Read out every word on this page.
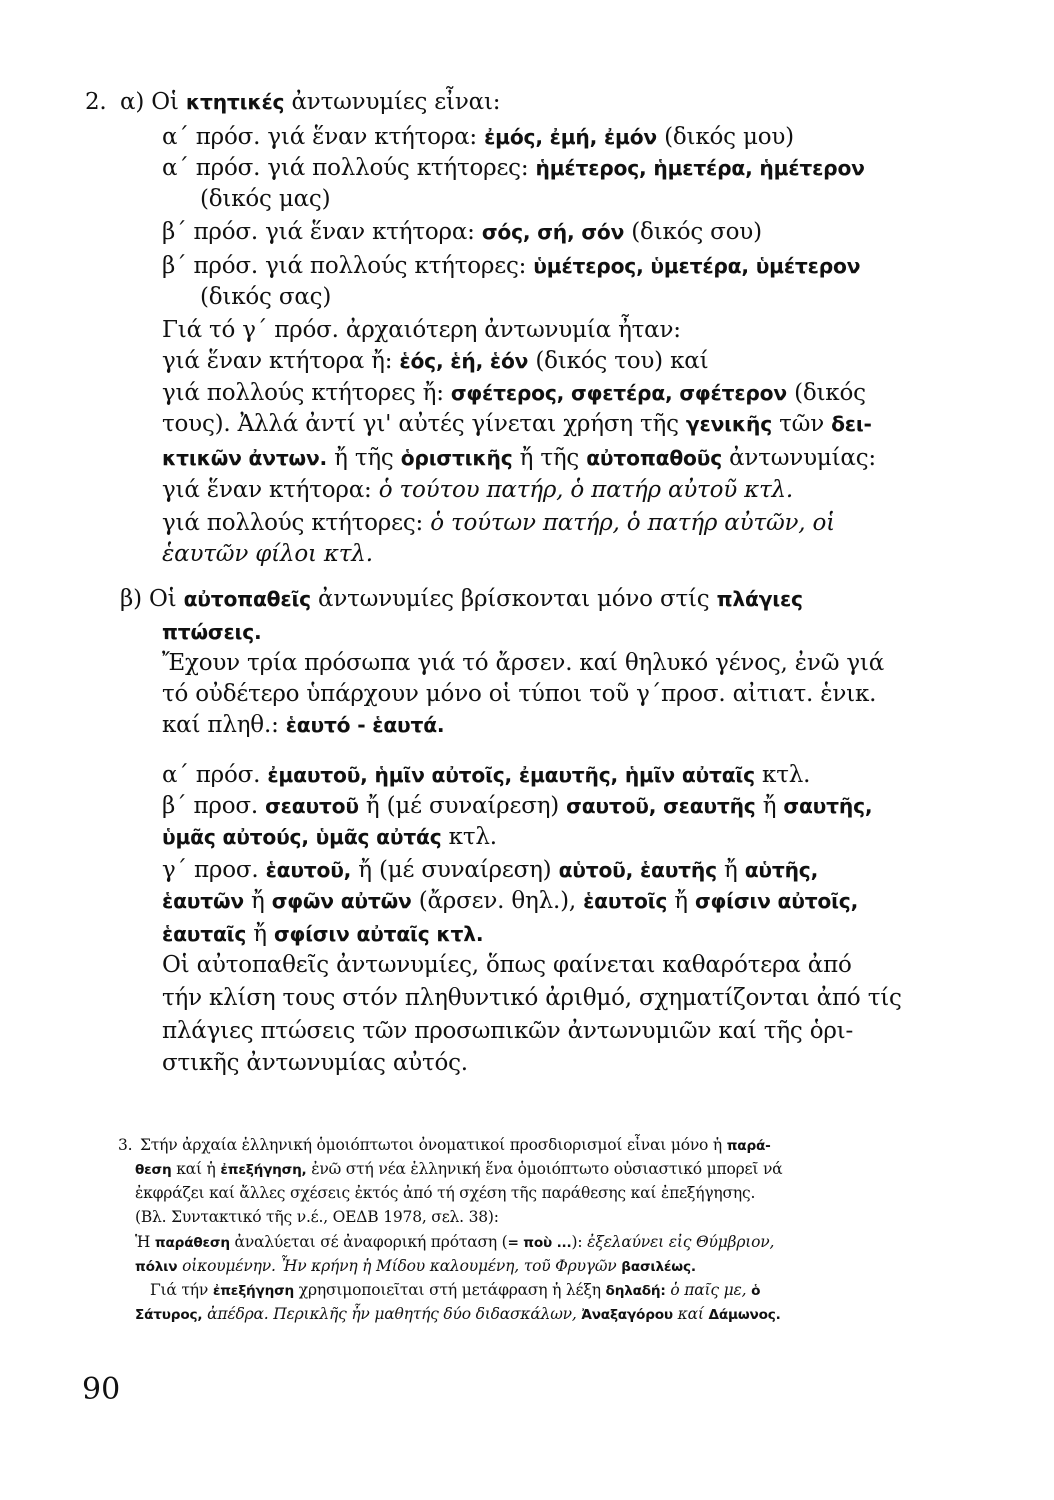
2. α) Οἱ κτητικές ἀντωνυμίες εἶναι:
α΄ πρόσ. γιά ἕναν κτήτορα: ἐμός, ἐμή, ἐμόν (δικός μου)
α΄ πρόσ. γιά πολλούς κτήτορες: ἡμέτερος, ἡμετέρα, ἡμέτερον
(δικός μας)
β΄ πρόσ. γιά ἕναν κτήτορα: σός, σή, σόν (δικός σου)
β΄ πρόσ. γιά πολλούς κτήτορες: ὑμέτερος, ὑμετέρα, ὑμέτερον
(δικός σας)
Γιά τό γ΄ πρόσ. ἀρχαιότερη ἀντωνυμία ἦταν:
γιά ἕναν κτήτορα ἤ: ἑός, ἑή, ἑόν (δικός του) καί
γιά πολλούς κτήτορες ἤ: σφέτερος, σφετέρα, σφέτερον (δικός
τους). Ἀλλά ἀντί γι' αὐτές γίνεται χρήση τῆς γενικῆς τῶν δει-
κτικῶν ἀντων. ἤ τῆς ὁριστικῆς ἤ τῆς αὐτοπαθοῦς ἀντωνυμίας:
γιά ἕναν κτήτορα: ὁ τούτου πατήρ, ὁ πατήρ αὐτοῦ κτλ.
γιά πολλούς κτήτορες: ὁ τούτων πατήρ, ὁ πατήρ αὐτῶν, οἱ
ἑαυτῶν φίλοι κτλ.
β) Οἱ αὐτοπαθεῖς ἀντωνυμίες βρίσκονται μόνο στίς πλάγιες
πτώσεις.
Ἔχουν τρία πρόσωπα γιά τό ἄρσεν. καί θηλυκό γένος, ἐνῶ γιά
τό οὐδέτερο ὑπάρχουν μόνο οἱ τύποι τοῦ γ΄πρoσ. αἰτιατ. ἑνικ.
καί πληθ.: ἑαυτό - ἑαυτά.
α΄ πρόσ. ἐμαυτοῦ, ἡμῖν αὐτοῖς, ἐμαυτῆς, ἡμῖν αὐταῖς κτλ.
β΄ προσ. σεαυτοῦ ἤ (μέ συναίρεση) σαυτοῦ, σεαυτῆς ἤ σαυτῆς,
ὑμᾶς αὐτούς, ὑμᾶς αὐτάς κτλ.
γ΄ προσ. ἑαυτοῦ, ἤ (μέ συναίρεση) αὑτοῦ, ἑαυτῆς ἤ αὑτῆς,
ἑαυτῶν ἤ σφῶν αὐτῶν (ἄρσεν. θηλ.), ἑαυτοῖς ἤ σφίσιν αὐτοῖς,
ἑαυταῖς ἤ σφίσιν αὐταῖς κτλ.
Οἱ αὐτοπαθεῖς ἀντωνυμίες, ὅπως φαίνεται καθαρότερα ἀπό
τήν κλίση τους στόν πληθυντικό ἀριθμό, σχηματίζονται ἀπό τίς
πλάγιες πτώσεις τῶν προσωπικῶν ἀντωνυμιῶν καί τῆς ὁρι-
στικῆς ἀντωνυμίας αὐτός.
3. Στήν ἀρχαία ἑλληνική ὁμοιόπτωτοι ὀνοματικοί προσδιορισμοί εἶναι μόνο ἡ παρά-
θεση καί ἡ ἐπεξήγηση, ἐνῶ στή νέα ἑλληνική ἕνα ὁμοιόπτωτο οὐσιαστικό μπορεῖ νά
ἐκφράζει καί ἄλλες σχέσεις ἐκτός ἀπό τή σχέση τῆς παράθεσης καί ἐπεξήγησης.
(Βλ. Συντακτικό τῆς ν.έ., ΟΕΔΒ 1978, σελ. 38):
Ἡ παράθεση ἀναλύεται σέ ἀναφορική πρόταση (= ποὺ ...): ἐξελαύνει εἰς Θύμβριον,
πόλιν οἰκουμένην. Ἦν κρήνη ἡ Μίδου καλουμένη, τοῦ Φρυγῶν βασιλέως.
Γιά τήν ἐπεξήγηση χρησιμοποιεῖται στή μετάφραση ἡ λέξη δηλαδή: ὁ παῖς με, ὁ
Σάτυρος, ἀπέδρα. Περικλῆς ἦν μαθητής δύο διδασκάλων, Ἀναξαγόρου καί Δάμωνος.
90
